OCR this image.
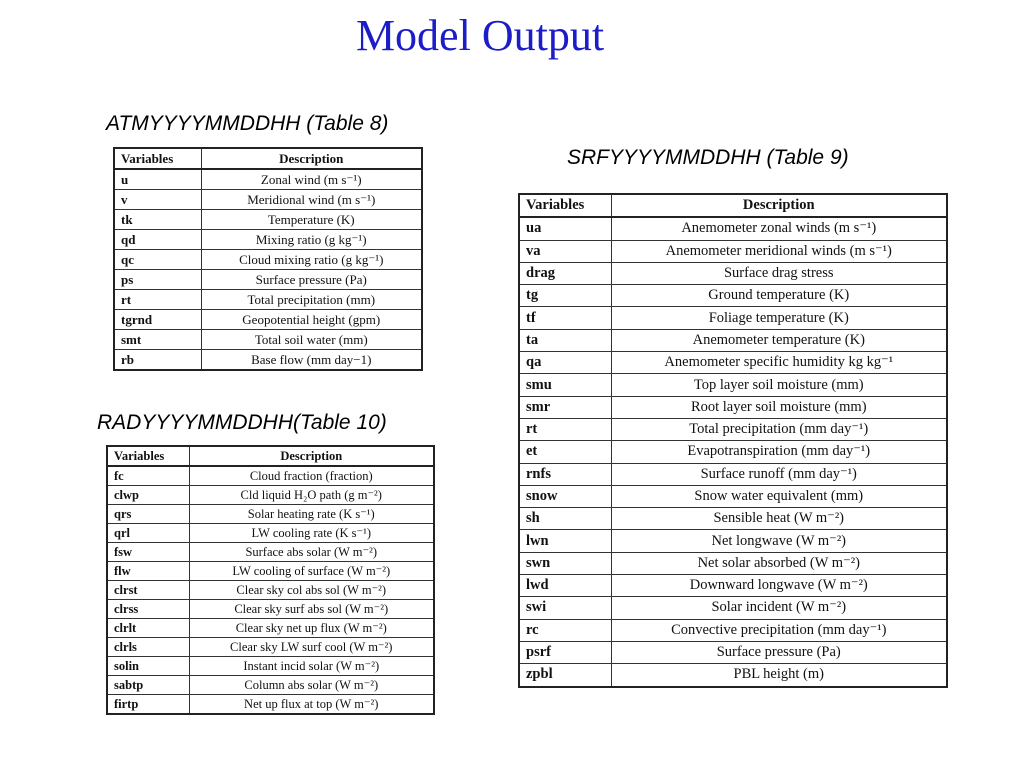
Model Output
ATMYYYYMMDDHH (Table 8)
Variables	Description
u	Zonal wind (m s⁻¹)
v	Meridional wind (m s⁻¹)
tk	Temperature (K)
qd	Mixing ratio (g kg⁻¹)
qc	Cloud mixing ratio (g kg⁻¹)
ps	Surface pressure (Pa)
rt	Total precipitation (mm)
tgrnd	Geopotential height (gpm)
smt	Total soil water (mm)
rb	Base flow (mm day−1)
SRFYYYYMMDDHH (Table 9)
Variables	Description
ua	Anemometer zonal winds (m s⁻¹)
va	Anemometer meridional winds (m s⁻¹)
drag	Surface drag stress
tg	Ground temperature (K)
tf	Foliage temperature (K)
ta	Anemometer temperature (K)
qa	Anemometer specific humidity kg kg⁻¹
smu	Top layer soil moisture (mm)
smr	Root layer soil moisture (mm)
rt	Total precipitation (mm day⁻¹)
et	Evapotranspiration (mm day⁻¹)
rnfs	Surface runoff (mm day⁻¹)
snow	Snow water equivalent (mm)
sh	Sensible heat (W m⁻²)
lwn	Net longwave (W m⁻²)
swn	Net solar absorbed (W m⁻²)
lwd	Downward longwave (W m⁻²)
swi	Solar incident (W m⁻²)
rc	Convective precipitation (mm day⁻¹)
psrf	Surface pressure (Pa)
zpbl	PBL height (m)
RADYYYYMMDDHH(Table 10)
Variables	Description
fc	Cloud fraction (fraction)
clwp	Cld liquid H₂O path (g m⁻²)
qrs	Solar heating rate (K s⁻¹)
qrl	LW cooling rate (K s⁻¹)
fsw	Surface abs solar (W m⁻²)
flw	LW cooling of surface (W m⁻²)
clrst	Clear sky col abs sol (W m⁻²)
clrss	Clear sky surf abs sol (W m⁻²)
clrlt	Clear sky net up flux (W m⁻²)
clrls	Clear sky LW surf cool (W m⁻²)
solin	Instant incid solar (W m⁻²)
sabtp	Column abs solar (W m⁻²)
firtp	Net up flux at top (W m⁻²)
